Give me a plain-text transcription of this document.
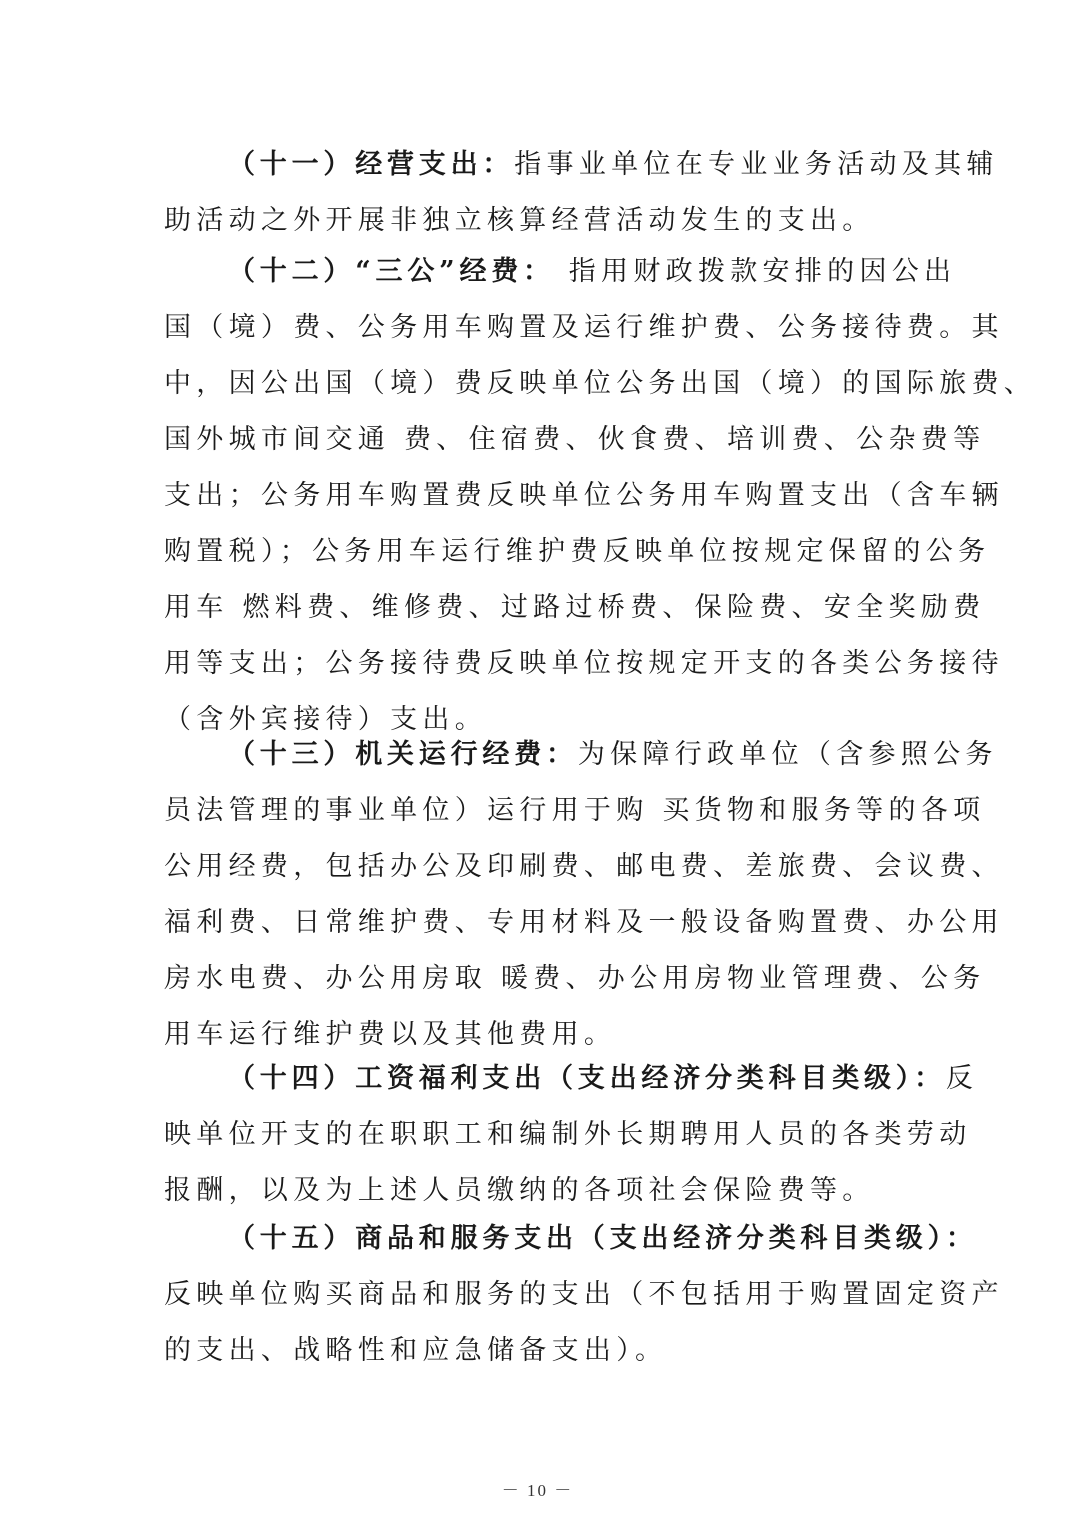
（十一）经营支出：指事业单位在专业业务活动及其辅
助活动之外开展非独立核算经营活动发生的支出。
（十二）“三公”经费： 指用财政拨款安排的因公出
国（境）费、公务用车购置及运行维护费、公务接待费。其
中，因公出国（境）费反映单位公务出国（境）的国际旅费、
国外城市间交通 费、住宿费、伙食费、培训费、公杂费等
支出；公务用车购置费反映单位公务用车购置支出（含车辆
购置税）；公务用车运行维护费反映单位按规定保留的公务
用车 燃料费、维修费、过路过桥费、保险费、安全奖励费
用等支出；公务接待费反映单位按规定开支的各类公务接待
（含外宾接待）支出。
（十三）机关运行经费：为保障行政单位（含参照公务
员法管理的事业单位）运行用于购 买货物和服务等的各项
公用经费，包括办公及印刷费、邮电费、差旅费、会议费、
福利费、日常维护费、专用材料及一般设备购置费、办公用
房水电费、办公用房取 暖费、办公用房物业管理费、公务
用车运行维护费以及其他费用。
（十四）工资福利支出（支出经济分类科目类级）：反
映单位开支的在职职工和编制外长期聘用人员的各类劳动
报酬，以及为上述人员缴纳的各项社会保险费等。
（十五）商品和服务支出（支出经济分类科目类级）：
反映单位购买商品和服务的支出（不包括用于购置固定资产
的支出、战略性和应急储备支出）。
－ 10 －
